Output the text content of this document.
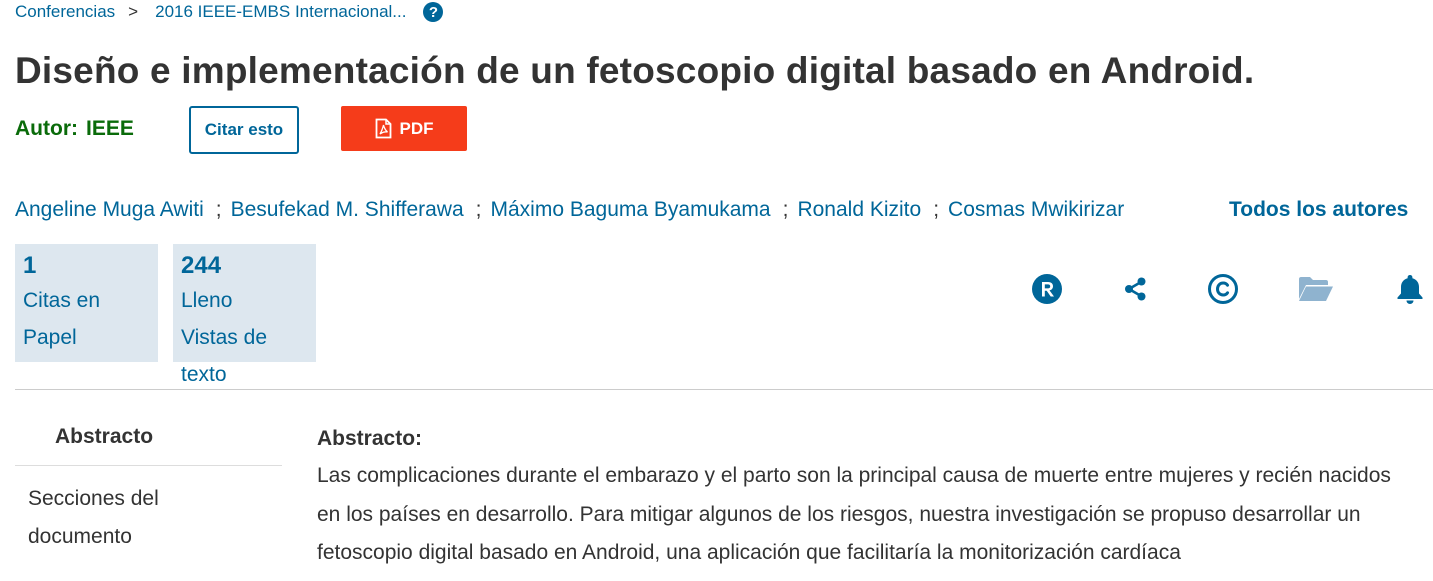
Conferencias > 2016 IEEE-EMBS Internacional...	?
Diseño e implementación de un fetoscopio digital basado en Android.
Autor: IEEE	Citar esto	PDF
Angeline Muga Awiti ; Besufekad M. Shifferawa ; Máximo Baguma Byamukama ; Ronald Kizito ; Cosmas Mwikirizar	Todos los autores
1
Citas en
Papel
244
Lleno
Vistas de
texto
Abstracto
Secciones del documento
Abstracto:

Las complicaciones durante el embarazo y el parto son la principal causa de muerte entre mujeres y recién nacidos en los países en desarrollo. Para mitigar algunos de los riesgos, nuestra investigación se propuso desarrollar un fetoscopio digital basado en Android, una aplicación que facilitaría la monitorización cardíaca
